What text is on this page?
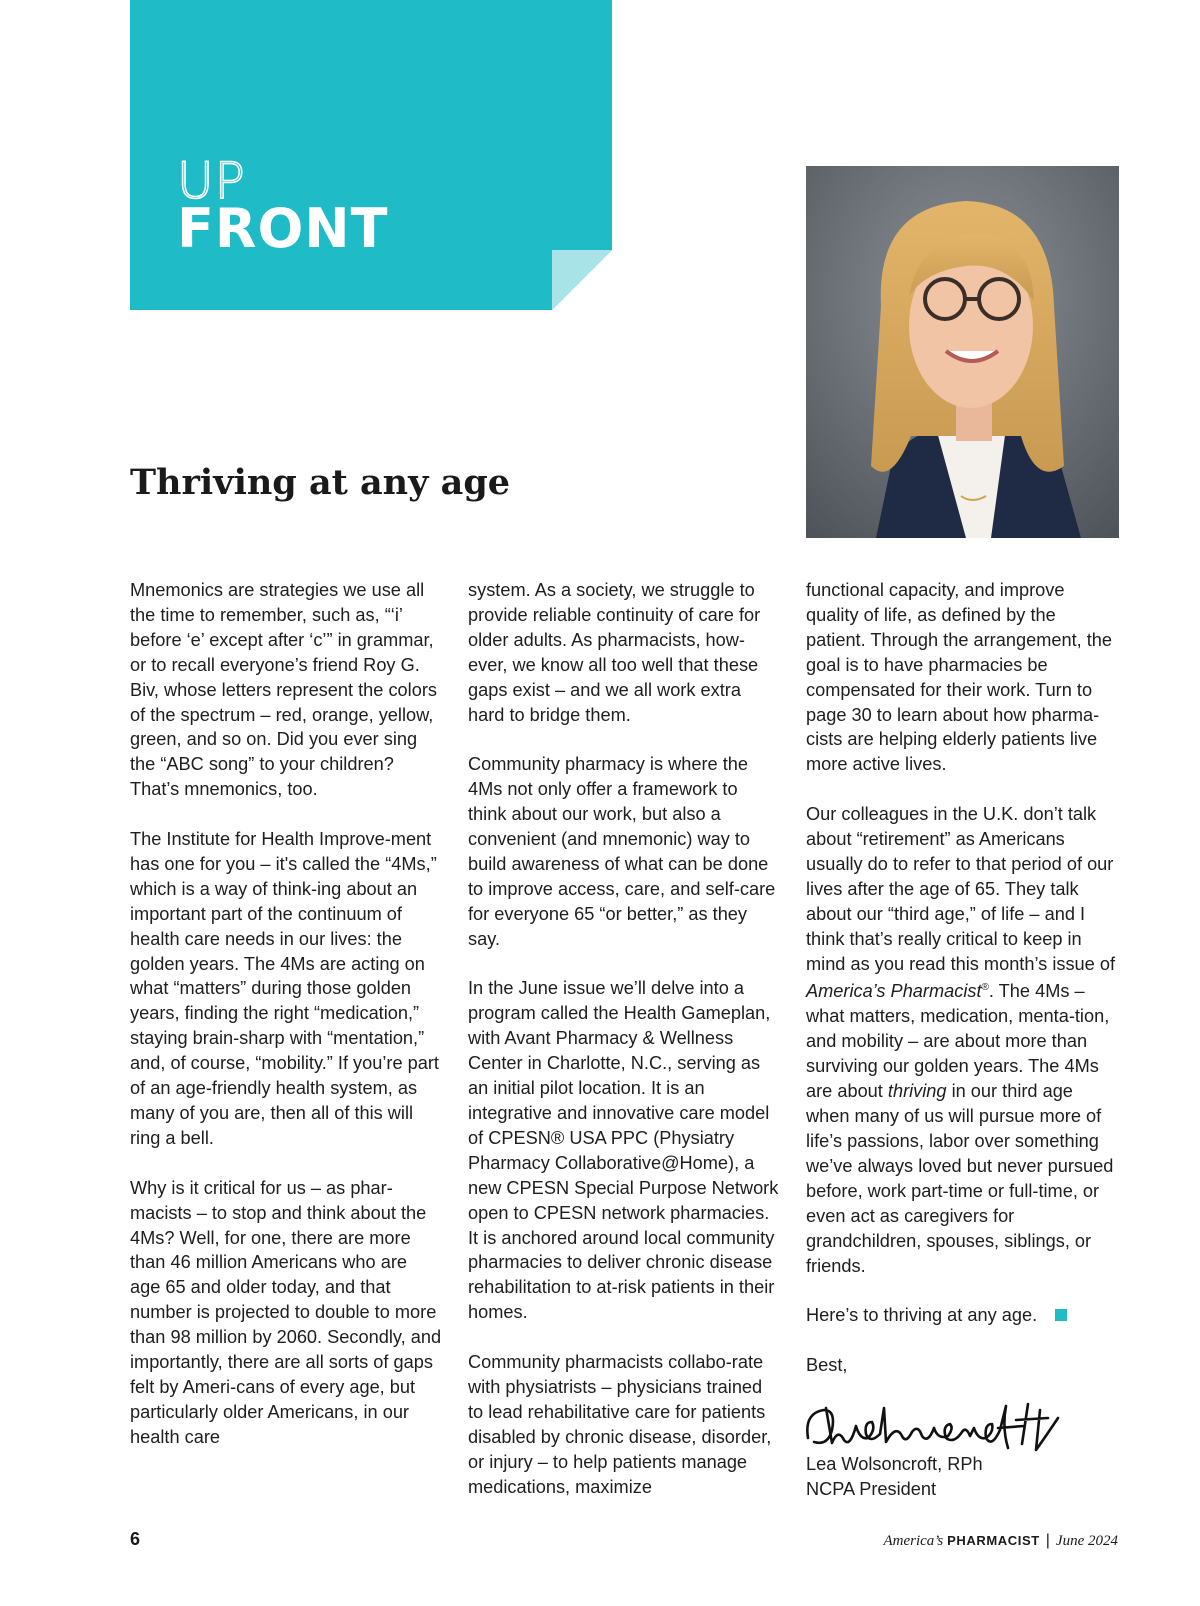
UP
FRONT
Thriving at any age

Mnemonics are strategies we use all the time to remember, such as, “‘i’ before ‘e’ except after ‘c’” in grammar, or to recall everyone’s friend Roy G. Biv, whose letters represent the colors of the spectrum – red, orange, yellow, green, and so on. Did you ever sing the “ABC song” to your children? That’s mnemonics, too.

The Institute for Health Improve-ment has one for you – it's called the “4Ms,” which is a way of think-ing about an important part of the continuum of health care needs in our lives: the golden years. The 4Ms are acting on what “matters” during those golden years, finding the right “medication,” staying brain-sharp with “mentation,” and, of course, “mobility.” If you’re part of an age-friendly health system, as many of you are, then all of this will ring a bell.

Why is it critical for us – as phar-macists – to stop and think about the 4Ms? Well, for one, there are more than 46 million Americans who are age 65 and older today, and that number is projected to double to more than 98 million by 2060. Secondly, and importantly, there are all sorts of gaps felt by Ameri-cans of every age, but particularly older Americans, in our health care

system. As a society, we struggle to provide reliable continuity of care for older adults. As pharmacists, how-ever, we know all too well that these gaps exist – and we all work extra hard to bridge them.

Community pharmacy is where the 4Ms not only offer a framework to think about our work, but also a convenient (and mnemonic) way to build awareness of what can be done to improve access, care, and self-care for everyone 65 “or better,” as they say.

In the June issue we’ll delve into a program called the Health Gameplan, with Avant Pharmacy & Wellness Center in Charlotte, N.C., serving as an initial pilot location. It is an integrative and innovative care model of CPESN® USA PPC (Physiatry Pharmacy Collaborative@Home), a new CPESN Special Purpose Network open to CPESN network pharmacies. It is anchored around local community pharmacies to deliver chronic disease rehabilitation to at-risk patients in their homes.

Community pharmacists collabo-rate with physiatrists – physicians trained to lead rehabilitative care for patients disabled by chronic disease, disorder, or injury – to help patients manage medications, maximize

functional capacity, and improve quality of life, as defined by the patient. Through the arrangement, the goal is to have pharmacies be compensated for their work. Turn to page 30 to learn about how pharma-cists are helping elderly patients live more active lives.

Our colleagues in the U.K. don’t talk about “retirement” as Americans usually do to refer to that period of our lives after the age of 65. They talk about our “third age,” of life – and I think that’s really critical to keep in mind as you read this month’s issue of America’s Pharmacist®. The 4Ms – what matters, medication, menta-tion, and mobility – are about more than surviving our golden years. The 4Ms are about thriving in our third age when many of us will pursue more of life’s passions, labor over something we’ve always loved but never pursued before, work part-time or full-time, or even act as caregivers for grandchildren, spouses, siblings, or friends.

Here’s to thriving at any age.

Best,

Lea Wolsoncroft, RPh
NCPA President
6	America’s PHARMACIST | June 2024
